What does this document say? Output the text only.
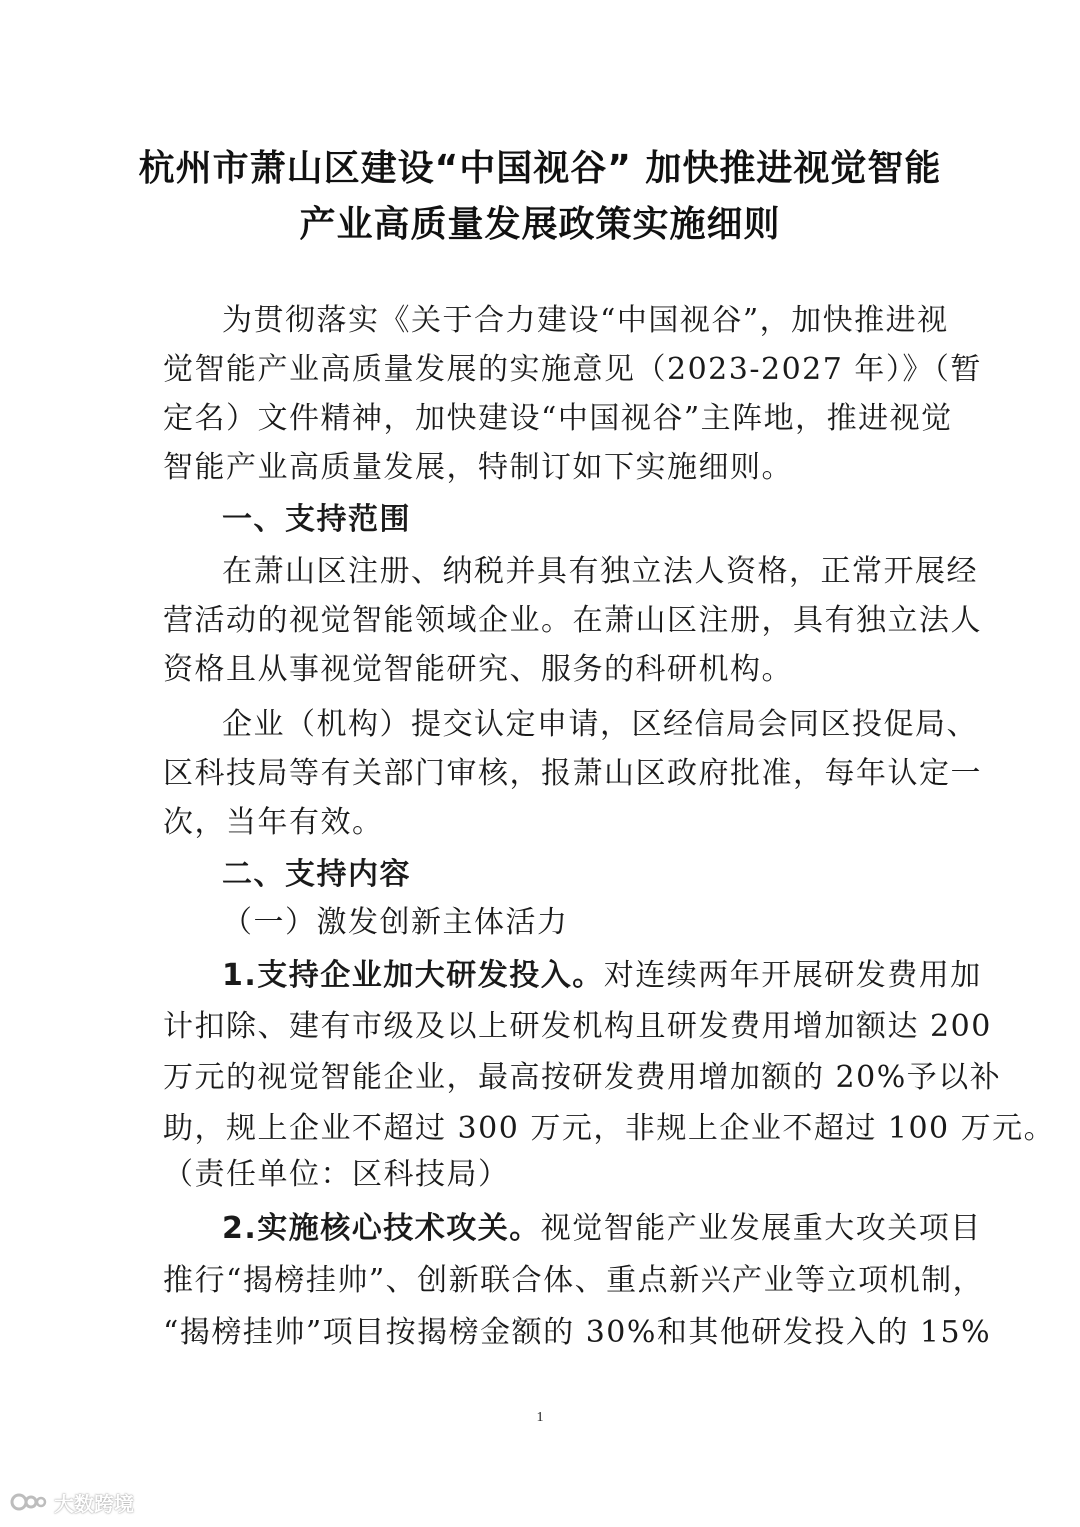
杭州市萧山区建设“中国视谷” 加快推进视觉智能
产业高质量发展政策实施细则
为贯彻落实《关于合力建设“中国视谷”，加快推进视
觉智能产业高质量发展的实施意见（2023-2027 年）》（暂
定名）文件精神，加快建设“中国视谷”主阵地，推进视觉
智能产业高质量发展，特制订如下实施细则。
一、支持范围
在萧山区注册、纳税并具有独立法人资格，正常开展经
营活动的视觉智能领域企业。在萧山区注册，具有独立法人
资格且从事视觉智能研究、服务的科研机构。
企业（机构）提交认定申请，区经信局会同区投促局、
区科技局等有关部门审核，报萧山区政府批准，每年认定一
次，当年有效。
二、支持内容
（一）激发创新主体活力
1.支持企业加大研发投入。对连续两年开展研发费用加
计扣除、建有市级及以上研发机构且研发费用增加额达 200
万元的视觉智能企业，最高按研发费用增加额的 20%予以补
助，规上企业不超过 300 万元，非规上企业不超过 100 万元。
（责任单位：区科技局）
2.实施核心技术攻关。视觉智能产业发展重大攻关项目
推行“揭榜挂帅”、创新联合体、重点新兴产业等立项机制，
“揭榜挂帅”项目按揭榜金额的 30%和其他研发投入的 15%
1
大数跨境
